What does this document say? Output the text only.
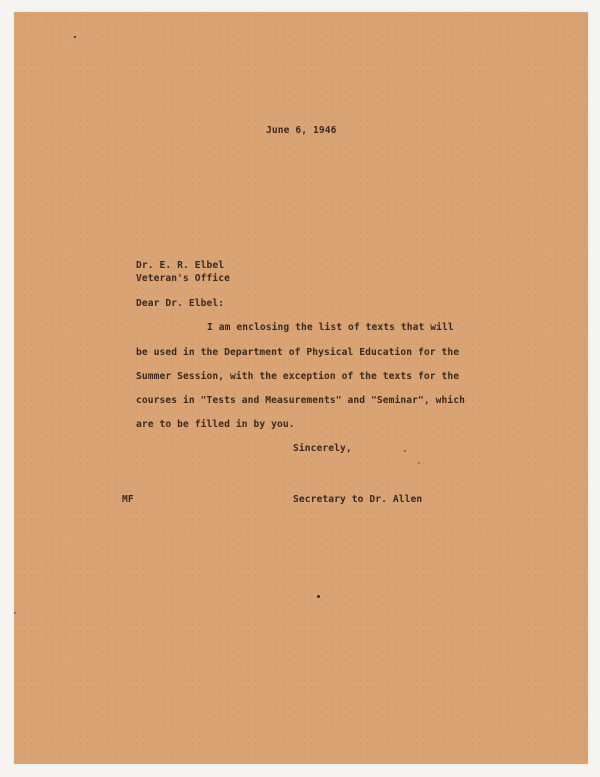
June 6, 1946
Dr. E. R. Elbel
Veteran's Office
Dear Dr. Elbel:
I am enclosing the list of texts that will
be used in the Department of Physical Education for the
Summer Session, with the exception of the texts for the
courses in "Tests and Measurements" and "Seminar", which
are to be filled in by you.
Sincerely,
MF	Secretary to Dr. Allen
